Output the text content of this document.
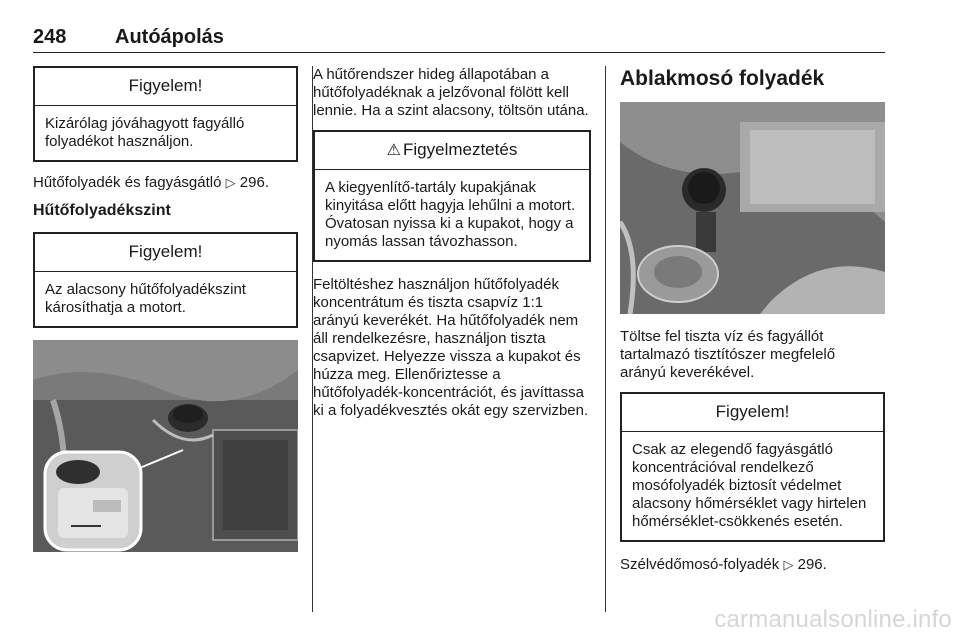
248 Autóápolás
Figyelem!
Kizárólag jóváhagyott fagyálló folyadékot használjon.

Hűtőfolyadék és fagyásgátló ▷ 296.

Hűtőfolyadékszint
Figyelem!
Az alacsony hűtőfolyadékszint károsíthatja a motort.

A hűtőrendszer hideg állapotában a hűtőfolyadéknak a jelzővonal fölött kell lennie. Ha a szint alacsony, töltsön utána.

⚠ Figyelmeztetés
A kiegyenlítő-tartály kupakjának kinyitása előtt hagyja lehűlni a motort. Óvatosan nyissa ki a kupakot, hogy a nyomás lassan távozhasson.

Feltöltéshez használjon hűtőfolyadék koncentrátum és tiszta csapvíz 1:1 arányú keverékét. Ha hűtőfolyadék nem áll rendelkezésre, használjon tiszta csapvizet. Helyezze vissza a kupakot és húzza meg. Ellenőriztesse a hűtőfolyadék-koncentrációt, és javíttassa ki a folyadékvesztés okát egy szervizben.

Ablakmosó folyadék

Töltse fel tiszta víz és fagyállót tartalmazó tisztítószer megfelelő arányú keverékével.

Figyelem!
Csak az elegendő fagyásgátló koncentrációval rendelkező mosófolyadék biztosít védelmet alacsony hőmérséklet vagy hirtelen hőmérséklet-csökkenés esetén.

Szélvédőmosó-folyadék ▷ 296.

carmanualsonline.info
